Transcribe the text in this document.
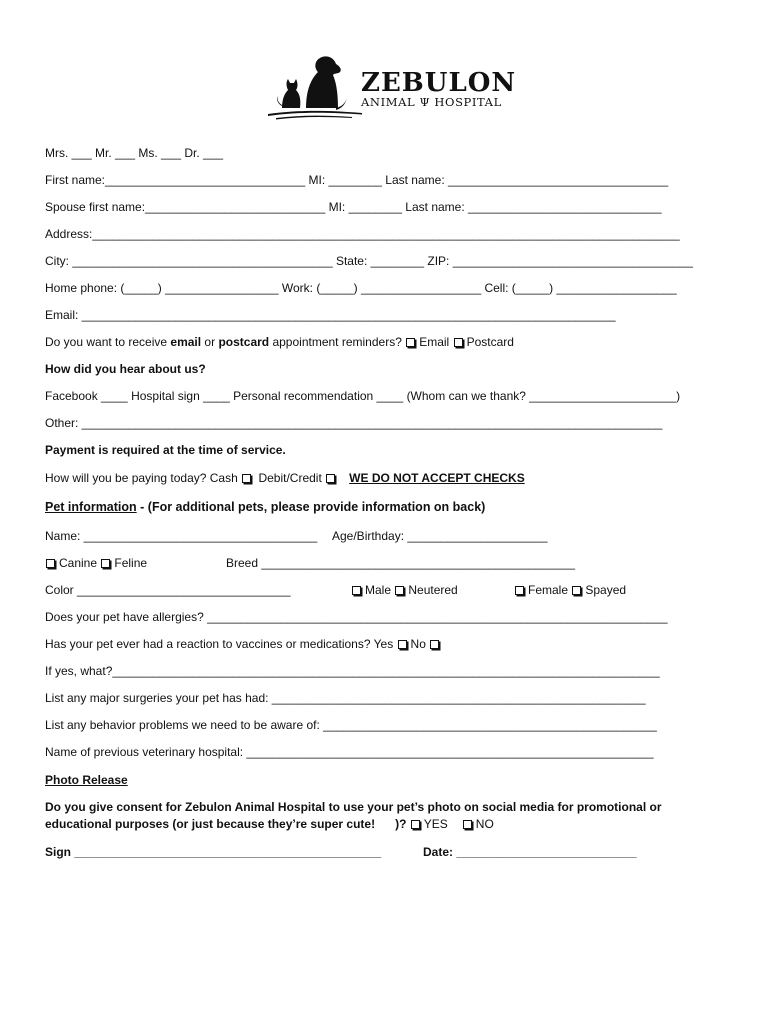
ZEBULON
ANIMAL Ψ HOSPITAL
Mrs. ___ Mr. ___ Ms. ___ Dr. ___
First name:______________________________ MI: ________ Last name: _________________________________
Spouse first name:___________________________ MI: ________ Last name: _____________________________
Address:________________________________________________________________________________________
City: _______________________________________ State: ________ ZIP: ____________________________________
Home phone: (_____) _________________ Work: (_____) __________________ Cell: (_____) __________________
Email: ________________________________________________________________________________
Do you want to receive email or postcard appointment reminders? Email Postcard
How did you hear about us?
Facebook ____ Hospital sign ____ Personal recommendation ____ (Whom can we thank? ______________________)
Other: _______________________________________________________________________________________
Payment is required at the time of service.
How will you be paying today? Cash  Debit/Credit    WE DO NOT ACCEPT CHECKS
Pet information - (For additional pets, please provide information on back)

Name: ___________________________________

Age/Birthday: _____________________

Canine Feline

	Breed _______________________________________________

Color ________________________________

	Male Neutered

	Female Spayed

Does your pet have allergies? _____________________________________________________________________
Has your pet ever had a reaction to vaccines or medications? Yes No
If yes, what?__________________________________________________________________________________
List any major surgeries your pet has had: ________________________________________________________
List any behavior problems we need to be aware of: __________________________________________________
Name of previous veterinary hospital: _____________________________________________________________
Photo Release
Do you give consent for Zebulon Animal Hospital to use your pet’s photo on social media for promotional or
educational purposes (or just because they’re super cute!      )? YES NO

Sign ______________________________________________

	Date: ___________________________
